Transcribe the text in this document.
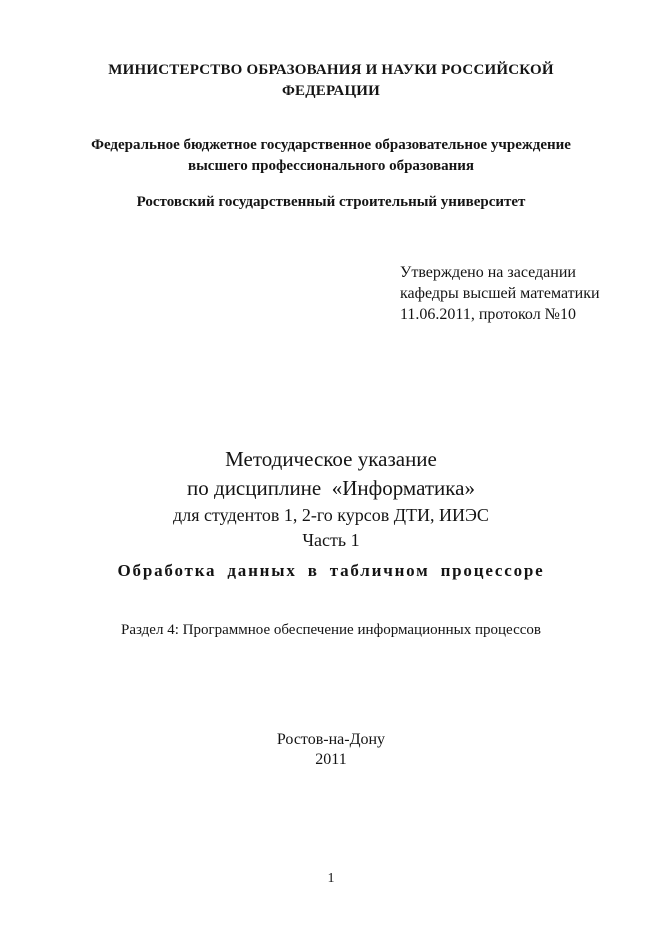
МИНИСТЕРСТВО ОБРАЗОВАНИЯ И НАУКИ РОССИЙСКОЙ
ФЕДЕРАЦИИ
Федеральное бюджетное государственное образовательное учреждение
высшего профессионального образования
Ростовский государственный строительный университет
Утверждено на заседании
кафедры высшей математики
11.06.2011, протокол №10
Методическое указание
по дисциплине  «Информатика»
для студентов 1, 2-го курсов ДТИ, ИИЭС
Часть 1
Обработка данных в табличном процессоре
Раздел 4: Программное обеспечение информационных процессов
Ростов-на-Дону
2011
1
